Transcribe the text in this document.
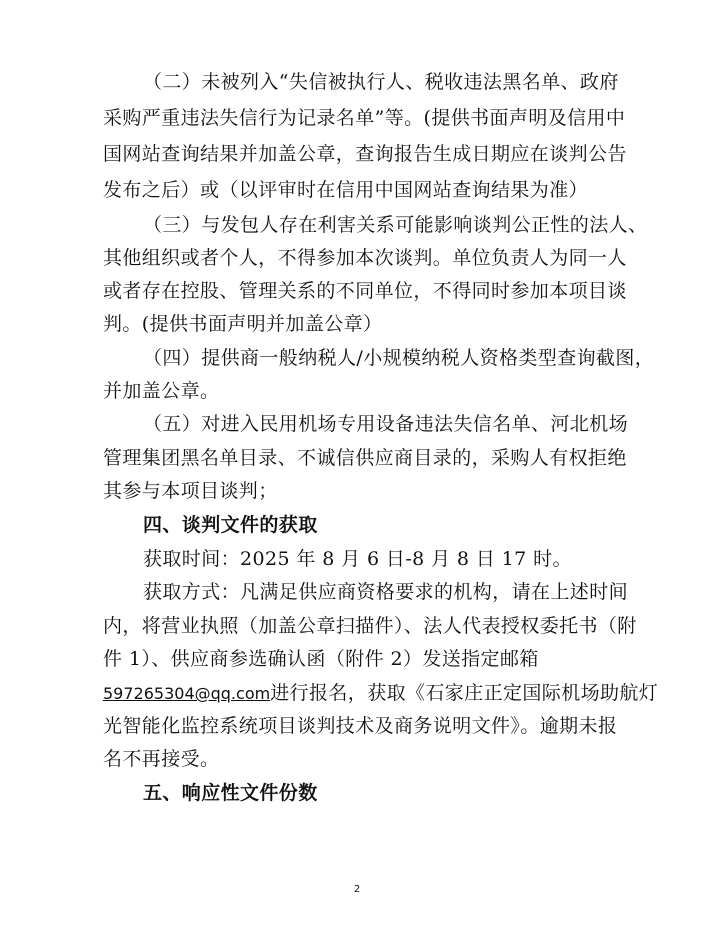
（二）未被列入“失信被执行人、税收违法黑名单、政府
采购严重违法失信行为记录名单”等。(提供书面声明及信用中
国网站查询结果并加盖公章，查询报告生成日期应在谈判公告
发布之后）或（以评审时在信用中国网站查询结果为准）
（三）与发包人存在利害关系可能影响谈判公正性的法人、
其他组织或者个人，不得参加本次谈判。单位负责人为同一人
或者存在控股、管理关系的不同单位，不得同时参加本项目谈
判。(提供书面声明并加盖公章）
（四）提供商一般纳税人/小规模纳税人资格类型查询截图，
并加盖公章。
（五）对进入民用机场专用设备违法失信名单、河北机场
管理集团黑名单目录、不诚信供应商目录的，采购人有权拒绝
其参与本项目谈判；
四、谈判文件的获取
获取时间：2025 年 8 月 6 日-8 月 8 日 17 时。
获取方式：凡满足供应商资格要求的机构，请在上述时间
内，将营业执照（加盖公章扫描件）、法人代表授权委托书（附
件 1）、供应商参选确认函（附件 2）发送指定邮箱
597265304@qq.com进行报名，获取《石家庄正定国际机场助航灯
光智能化监控系统项目谈判技术及商务说明文件》。逾期未报
名不再接受。
五、响应性文件份数
2
